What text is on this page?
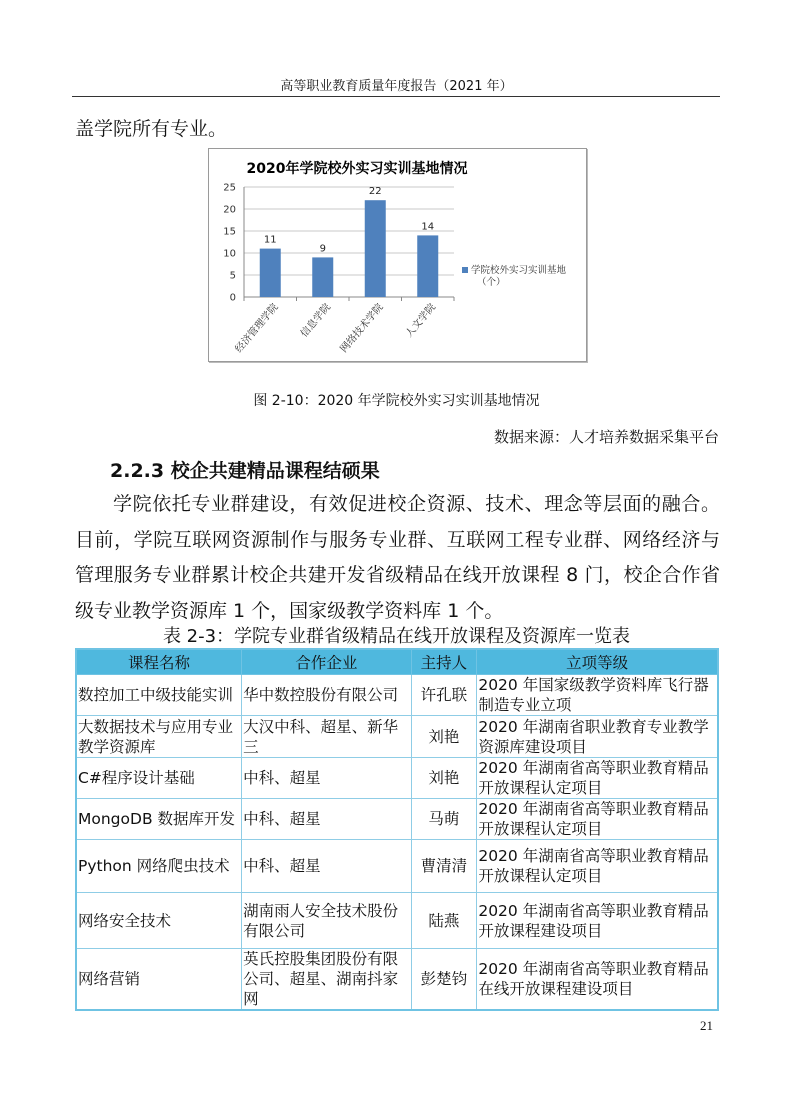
高等职业教育质量年度报告（2021 年）
盖学院所有专业。
2020年学院校外实习实训基地情况
0
5
10
15
20
25
11
经济管理学院
9
信息学院
22
网络技术学院
14
人文学院
学院校外实习实训基地
（个）
图 2-10：2020 年学院校外实习实训基地情况
数据来源：人才培养数据采集平台
2.2.3 校企共建精品课程结硕果
学院依托专业群建设，有效促进校企资源、技术、理念等层面的融合。目前，学院互联网资源制作与服务专业群、互联网工程专业群、网络经济与管理服务专业群累计校企共建开发省级精品在线开放课程 8 门，校企合作省级专业教学资源库 1 个，国家级教学资料库 1 个。
表 2-3：学院专业群省级精品在线开放课程及资源库一览表
课程名称	合作企业	主持人	立项等级
数控加工中级技能实训	华中数控股份有限公司	许孔联	2020 年国家级教学资料库飞行器制造专业立项
大数据技术与应用专业教学资源库	大汉中科、超星、新华三	刘艳	2020 年湖南省职业教育专业教学资源库建设项目
C#程序设计基础	中科、超星	刘艳	2020 年湖南省高等职业教育精品开放课程认定项目
MongoDB 数据库开发	中科、超星	马萌	2020 年湖南省高等职业教育精品开放课程认定项目
Python 网络爬虫技术	中科、超星	曹清清	2020 年湖南省高等职业教育精品开放课程认定项目
网络安全技术	湖南雨人安全技术股份有限公司	陆燕	2020 年湖南省高等职业教育精品开放课程建设项目
网络营销	英氏控股集团股份有限公司、超星、湖南抖家网	彭楚钧	2020 年湖南省高等职业教育精品在线开放课程建设项目
21
